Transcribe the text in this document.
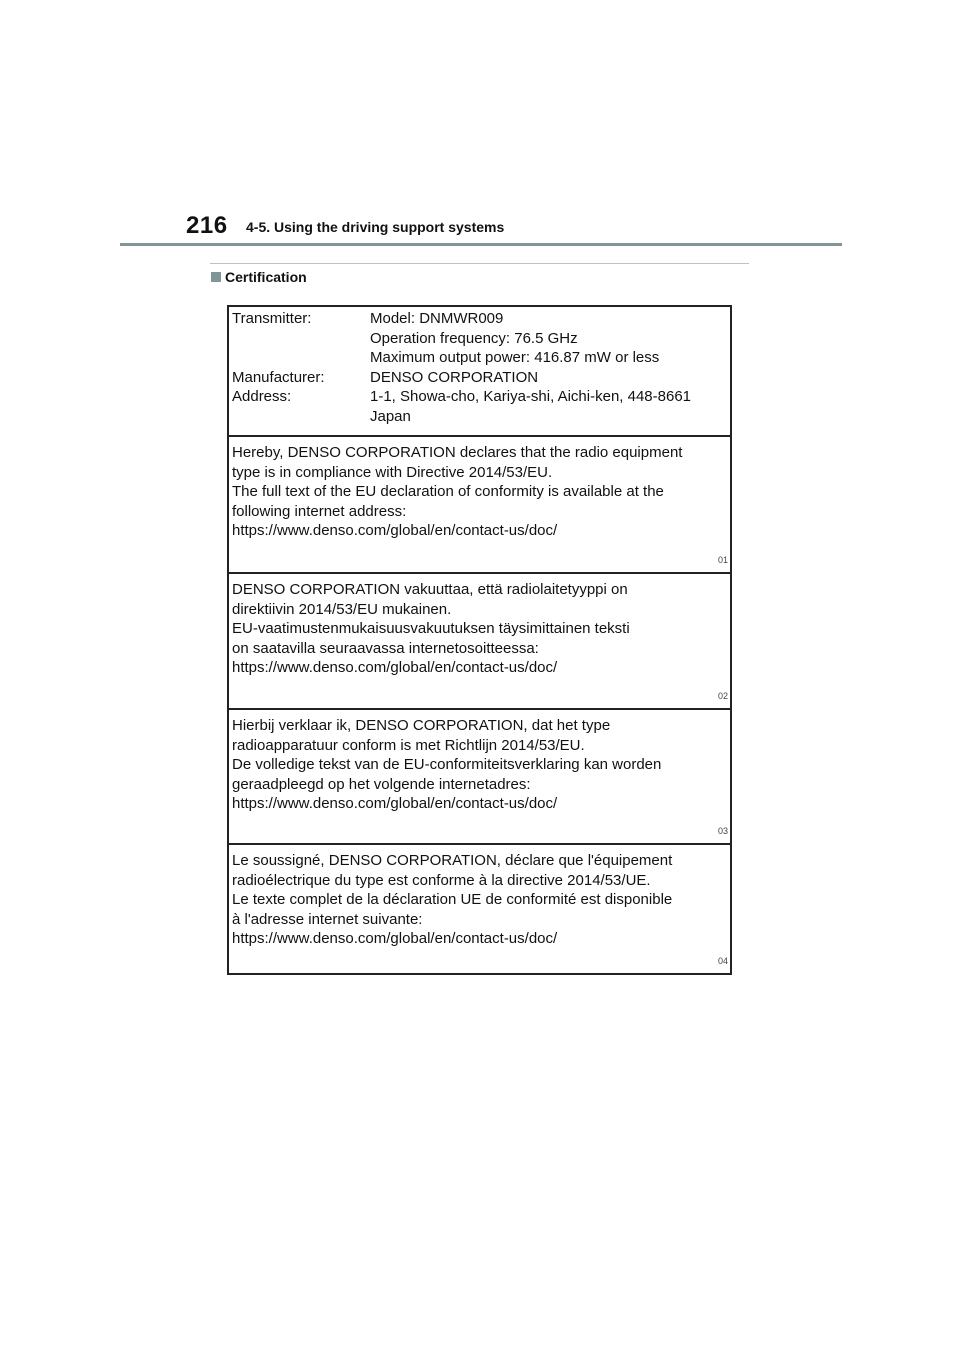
216 4-5. Using the driving support systems
Certification
Transmitter:	Model: DNMWR009
Operation frequency: 76.5 GHz
Maximum output power: 416.87 mW or less
Manufacturer:	DENSO CORPORATION
Address:	1-1, Showa-cho, Kariya-shi, Aichi-ken, 448-8661
Japan
Hereby, DENSO CORPORATION declares that the radio equipment
type is in compliance with Directive 2014/53/EU.
The full text of the EU declaration of conformity is available at the
following internet address:
https://www.denso.com/global/en/contact-us/doc/
01
DENSO CORPORATION vakuuttaa, että radiolaitetyyppi on
direktiivin 2014/53/EU mukainen.
EU-vaatimustenmukaisuusvakuutuksen täysimittainen teksti
on saatavilla seuraavassa internetosoitteessa:
https://www.denso.com/global/en/contact-us/doc/
02
Hierbij verklaar ik, DENSO CORPORATION, dat het type
radioapparatuur conform is met Richtlijn 2014/53/EU.
De volledige tekst van de EU-conformiteitsverklaring kan worden
geraadpleegd op het volgende internetadres:
https://www.denso.com/global/en/contact-us/doc/
03
Le soussigné, DENSO CORPORATION, déclare que l'équipement
radioélectrique du type est conforme à la directive 2014/53/UE.
Le texte complet de la déclaration UE de conformité est disponible
à l'adresse internet suivante:
https://www.denso.com/global/en/contact-us/doc/
04
